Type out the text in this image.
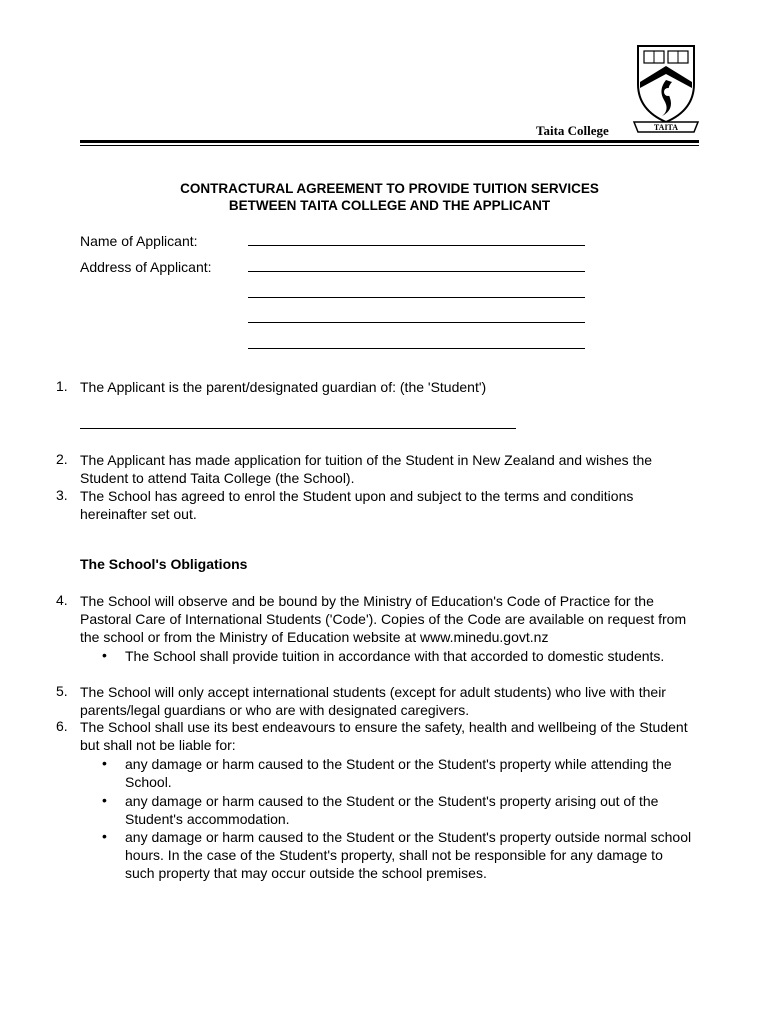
TAITA
Taita College
CONTRACTURAL AGREEMENT TO PROVIDE TUITION SERVICES
BETWEEN TAITA COLLEGE AND THE APPLICANT
Name of Applicant:
Address of Applicant:
1. The Applicant is the parent/designated guardian of: (the 'Student')
2. The Applicant has made application for tuition of the Student in New Zealand and wishes the Student to attend Taita College (the School).
3. The School has agreed to enrol the Student upon and subject to the terms and conditions hereinafter set out.
The School's Obligations
4. The School will observe and be bound by the Ministry of Education's Code of Practice for the Pastoral Care of International Students ('Code'). Copies of the Code are available on request from the school or from the Ministry of Education website at www.minedu.govt.nz
• The School shall provide tuition in accordance with that accorded to domestic students.
5. The School will only accept international students (except for adult students) who live with their parents/legal guardians or who are with designated caregivers.
6. The School shall use its best endeavours to ensure the safety, health and wellbeing of the Student but shall not be liable for:
• any damage or harm caused to the Student or the Student's property while attending the School.
• any damage or harm caused to the Student or the Student's property arising out of the Student's accommodation.
• any damage or harm caused to the Student or the Student's property outside normal school hours. In the case of the Student's property, shall not be responsible for any damage to such property that may occur outside the school premises.
